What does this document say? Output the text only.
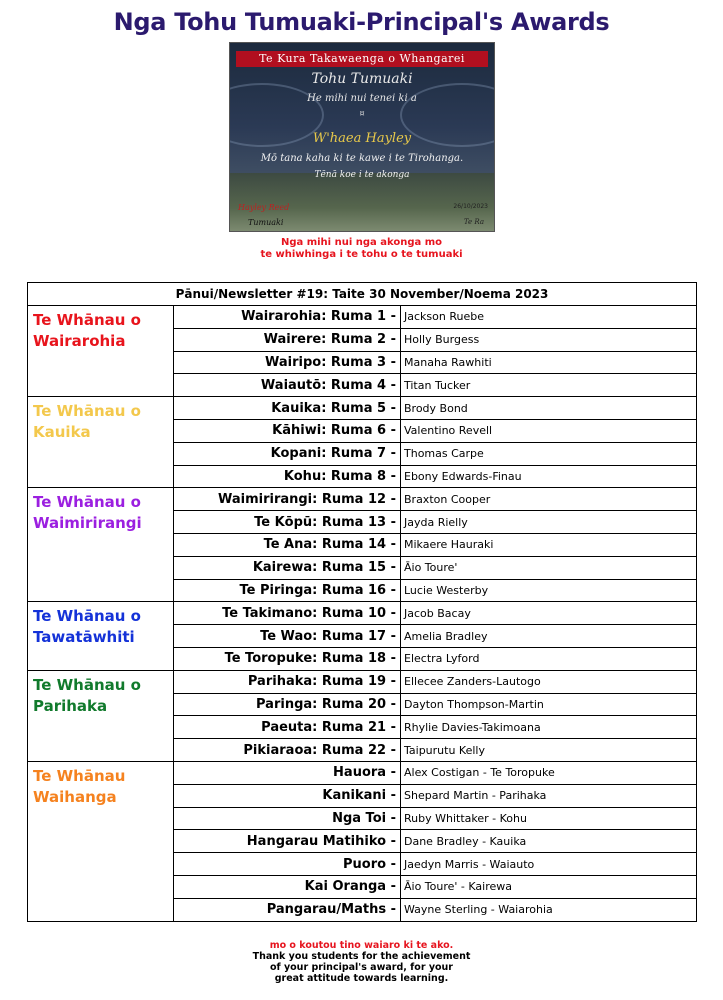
Nga Tohu Tumuaki-Principal's Awards
Te Kura Takawaenga o Whangarei
Tohu Tumuaki
He mihi nui tenei ki a
¤
W'haea Hayley
Mō tana kaha ki te kawe i te Tirohanga.
Tēnā koe i te akonga
Hayley Reed
Tumuaki
26/10/2023
Te Ra
Nga mihi nui nga akonga mo
te whiwhinga i te tohu o te tumuaki
Pānui/Newsletter #19: Taite 30 November/Noema 2023		
Te Whānau o Wairarohia	Wairarohia: Ruma 1 -	Jackson Ruebe
	Wairere: Ruma 2 -	Holly Burgess
	Wairipo: Ruma 3 -	Manaha Rawhiti
	Waiautō: Ruma 4 -	Titan Tucker
Te Whānau o Kauika	Kauika: Ruma 5 -	Brody Bond
	Kāhiwi: Ruma 6 -	Valentino Revell
	Kopani: Ruma 7 -	Thomas Carpe
	Kohu: Ruma 8 -	Ebony Edwards-Finau
Te Whānau o Waimirirangi	Waimirirangi: Ruma 12 -	Braxton Cooper
	Te Kōpū: Ruma 13 -	Jayda Rielly
	Te Ana: Ruma 14 -	Mikaere Hauraki
	Kairewa: Ruma 15 -	Āio Toure'
	Te Piringa: Ruma 16 -	Lucie Westerby
Te Whānau o Tawatāwhiti	Te Takimano: Ruma 10 -	Jacob Bacay
	Te Wao: Ruma 17 -	Amelia Bradley
	Te Toropuke: Ruma 18 -	Electra Lyford
Te Whānau o Parihaka	Parihaka: Ruma 19 -	Ellecee Zanders-Lautogo
	Paringa: Ruma 20 -	Dayton Thompson-Martin
	Paeuta: Ruma 21 -	Rhylie Davies-Takimoana
	Pikiaraoa: Ruma 22 -	Taipurutu Kelly
Te Whānau Waihanga	Hauora -	Alex Costigan - Te Toropuke
	Kanikani -	Shepard Martin - Parihaka
	Nga Toi -	Ruby Whittaker - Kohu
	Hangarau Matihiko -	Dane Bradley - Kauika
	Puoro -	Jaedyn Marris - Waiauto
	Kai Oranga -	Āio Toure' - Kairewa
	Pangarau/Maths -	Wayne Sterling - Waiarohia
mo o koutou tino waiaro ki te ako.
Thank you students for the achievement
of your principal's award, for your
great attitude towards learning.
